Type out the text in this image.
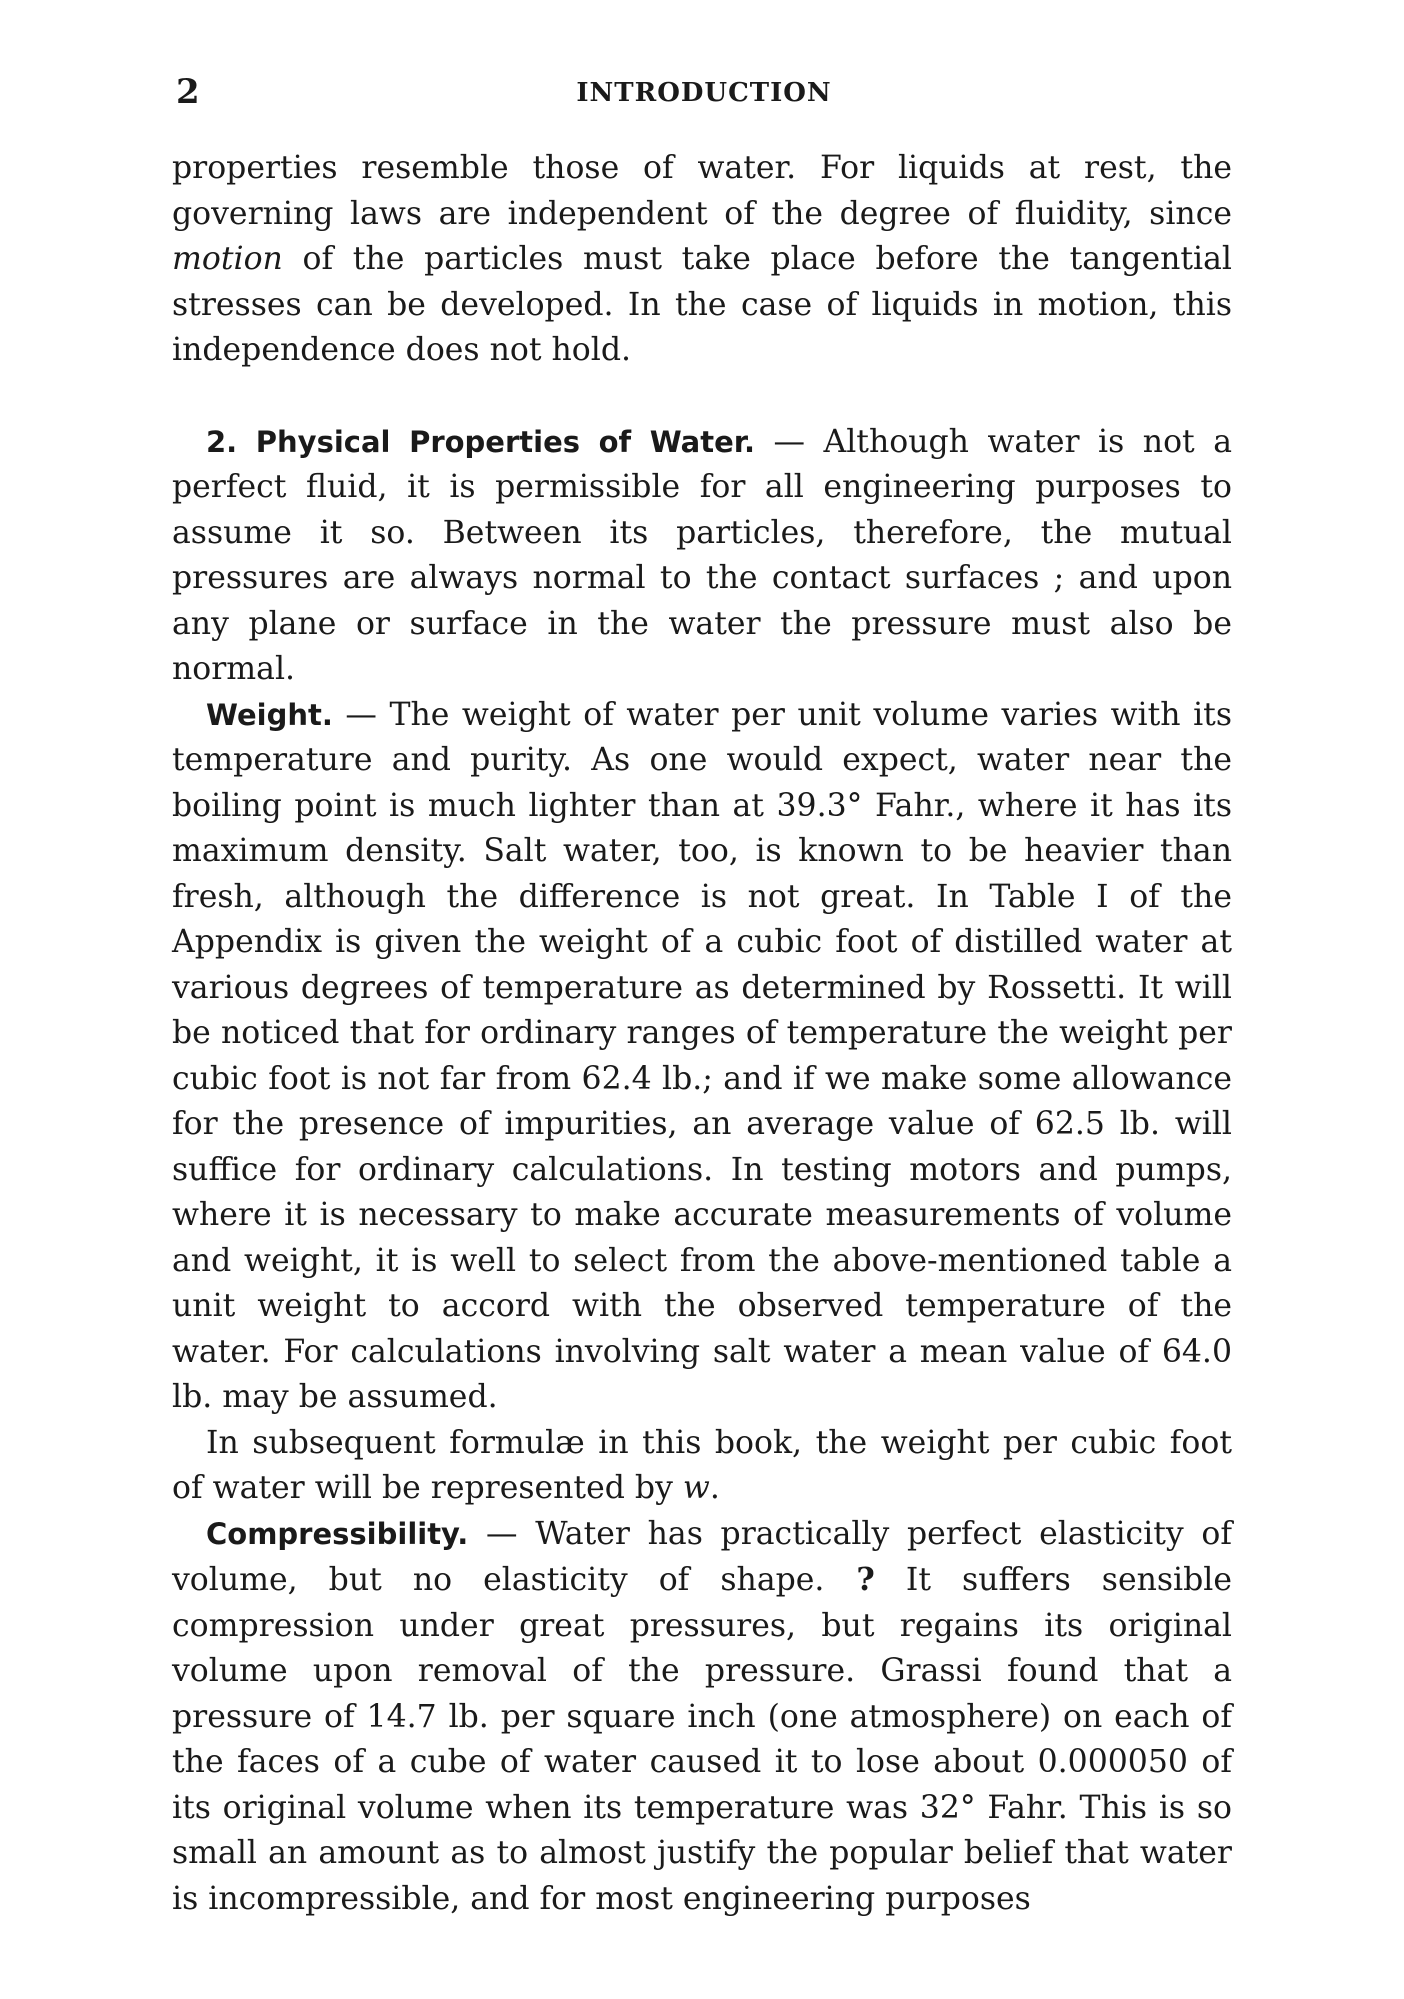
2	INTRODUCTION

properties resemble those of water. For liquids at rest, the governing laws are independent of the degree of fluidity, since motion of the particles must take place before the tangential stresses can be developed. In the case of liquids in motion, this independence does not hold.

2. Physical Properties of Water. — Although water is not a perfect fluid, it is permissible for all engineering purposes to assume it so. Between its particles, therefore, the mutual pressures are always normal to the contact surfaces ; and upon any plane or surface in the water the pressure must also be normal.

Weight. — The weight of water per unit volume varies with its temperature and purity. As one would expect, water near the boiling point is much lighter than at 39.3° Fahr., where it has its maximum density. Salt water, too, is known to be heavier than fresh, although the difference is not great. In Table I of the Appendix is given the weight of a cubic foot of distilled water at various degrees of temperature as determined by Rossetti. It will be noticed that for ordinary ranges of temperature the weight per cubic foot is not far from 62.4 lb.; and if we make some allowance for the presence of impurities, an average value of 62.5 lb. will suffice for ordinary calculations. In testing motors and pumps, where it is necessary to make accurate measurements of volume and weight, it is well to select from the above-mentioned table a unit weight to accord with the observed temperature of the water. For calculations involving salt water a mean value of 64.0 lb. may be assumed.

In subsequent formulæ in this book, the weight per cubic foot of water will be represented by w.

Compressibility. — Water has practically perfect elasticity of volume, but no elasticity of shape. ? It suffers sensible compression under great pressures, but regains its original volume upon removal of the pressure. Grassi found that a pressure of 14.7 lb. per square inch (one atmosphere) on each of the faces of a cube of water caused it to lose about 0.000050 of its original volume when its temperature was 32° Fahr. This is so small an amount as to almost justify the popular belief that water is incompressible, and for most engineering purposes
